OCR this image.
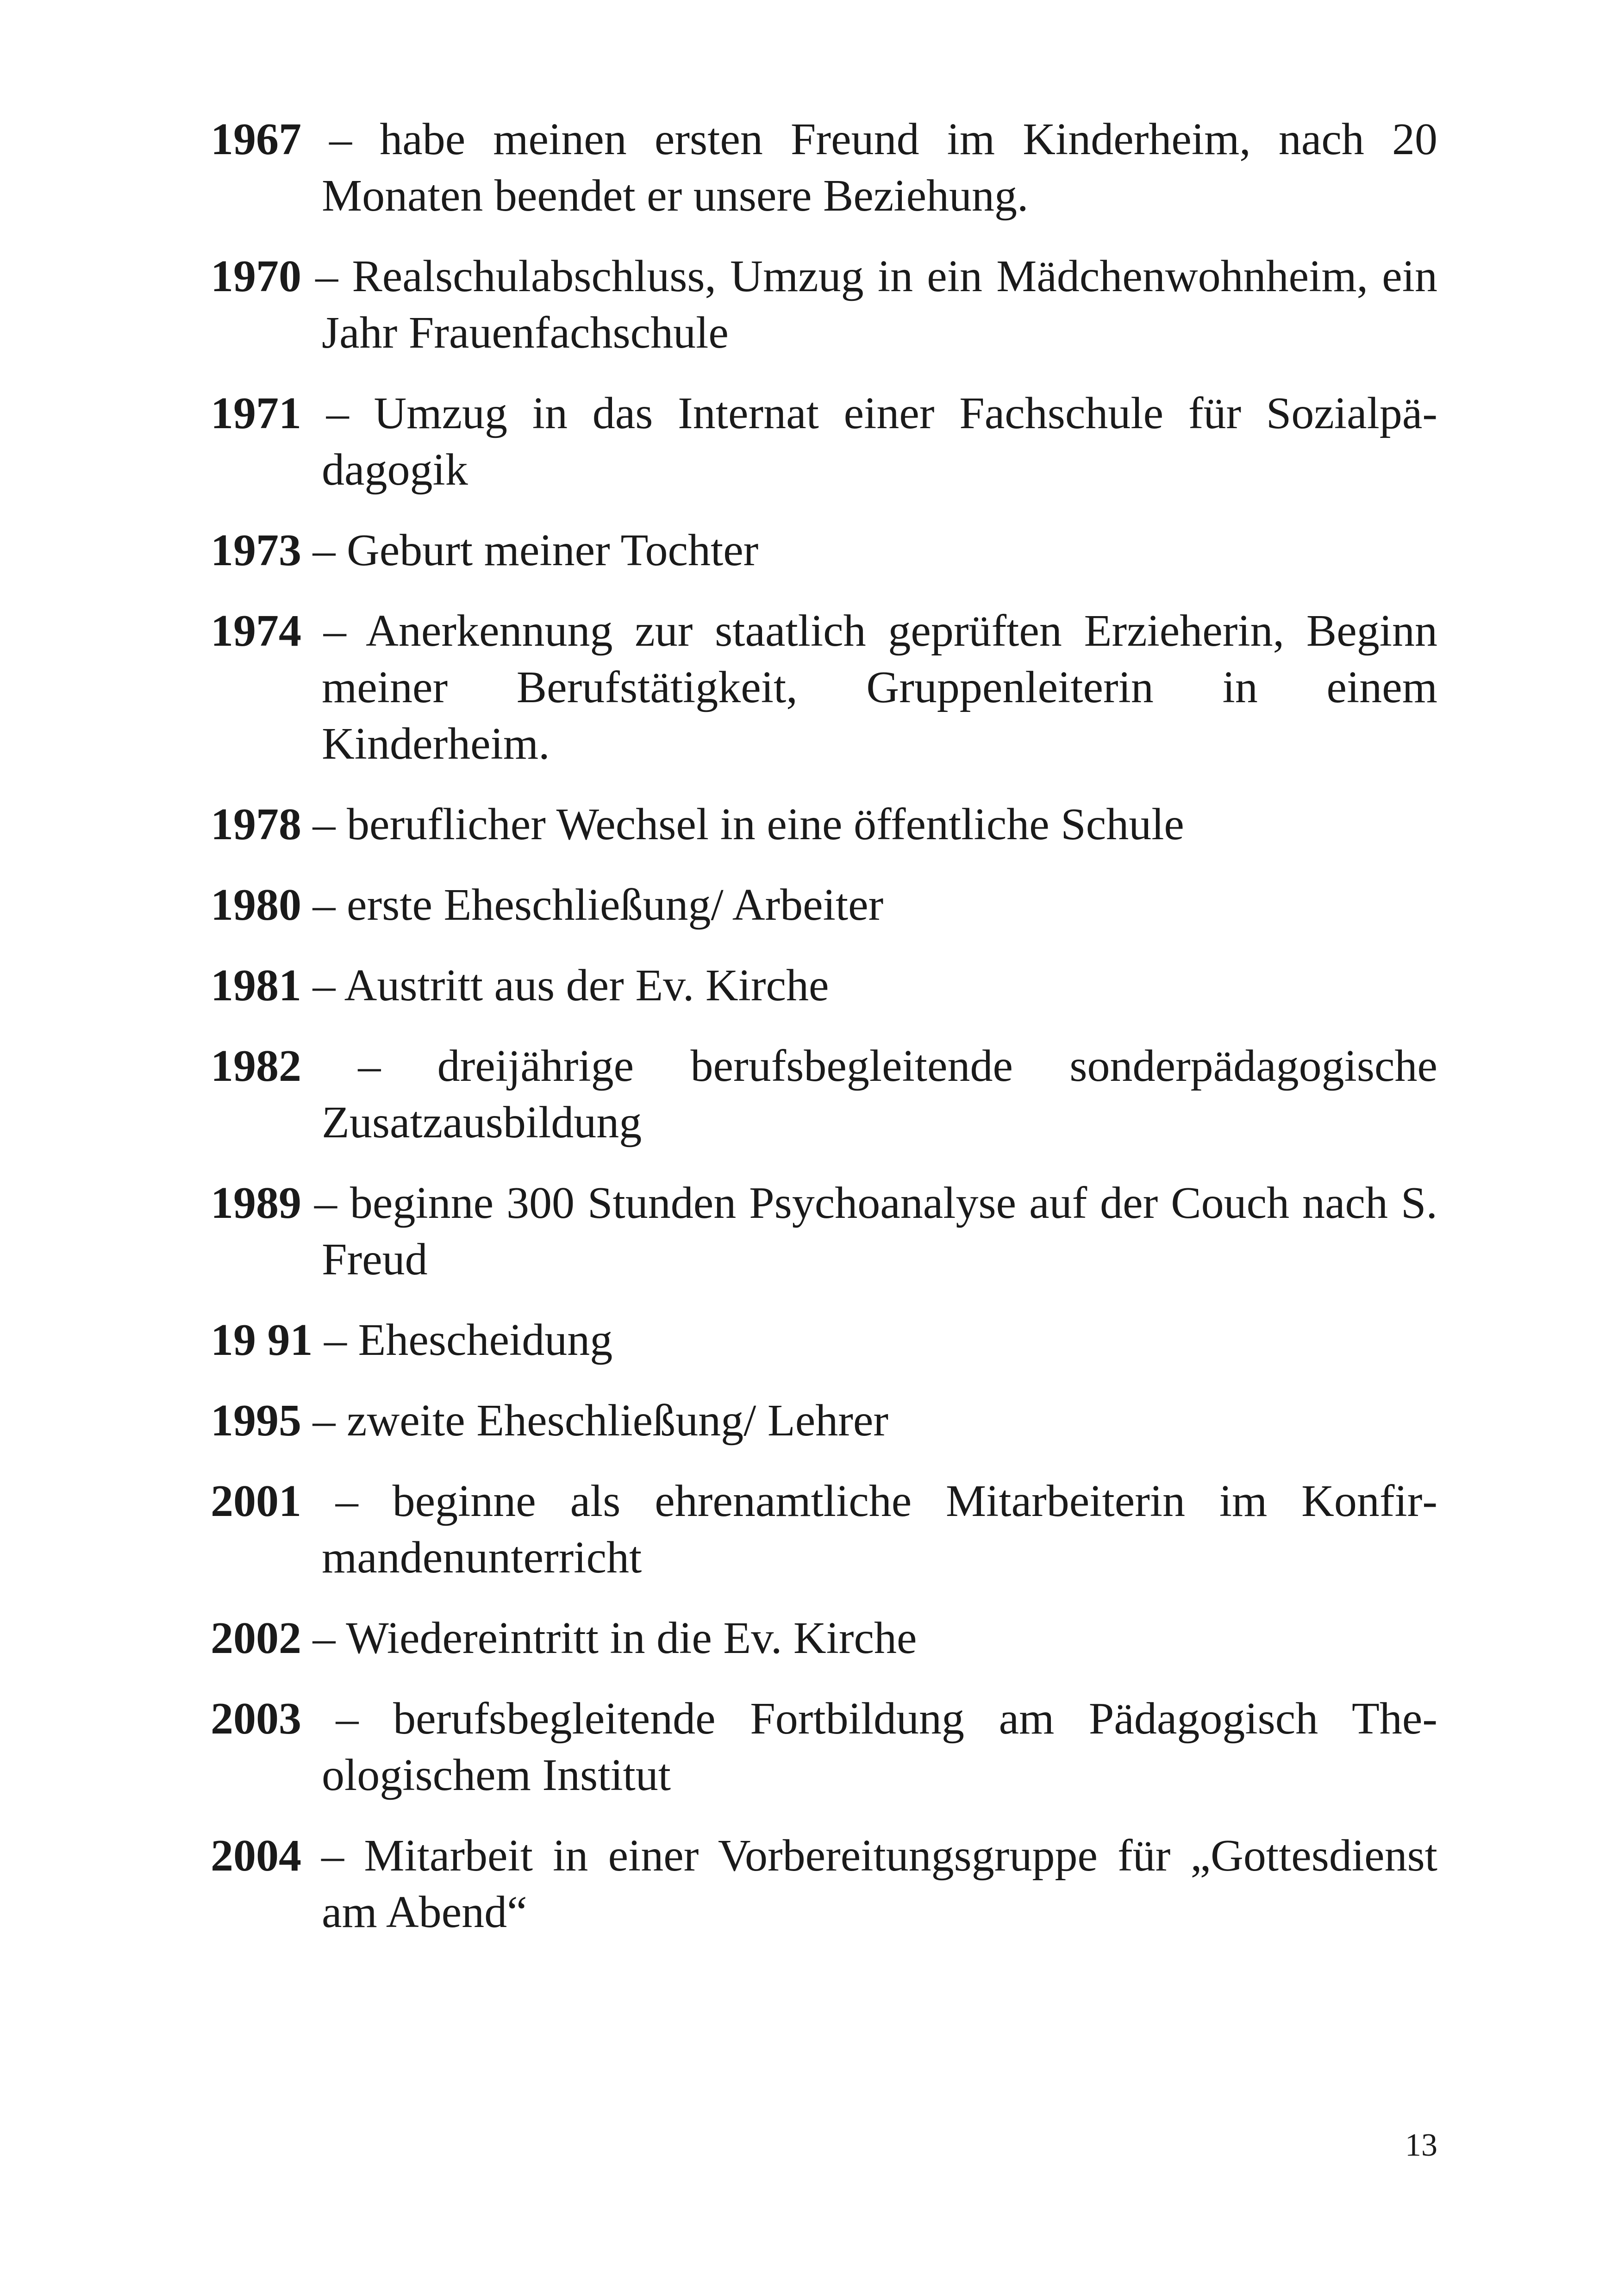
1967 – habe meinen ersten Freund im Kinderheim, nach 20 Monaten beendet er unsere Beziehung.

1970 – Realschulabschluss, Umzug in ein Mädchenwohnheim, ein Jahr Frauenfachschule

1971 – Umzug in das Internat einer Fachschule für Sozialpädagogik

1973 – Geburt meiner Tochter

1974 – Anerkennung zur staatlich geprüften Erzieherin, Beginn meiner Berufstätigkeit, Gruppenleiterin in einem Kinderheim.

1978 – beruflicher Wechsel in eine öffentliche Schule

1980 – erste Eheschließung/ Arbeiter

1981 – Austritt aus der Ev. Kirche

1982 – dreijährige berufsbegleitende sonderpädagogische Zusatzausbildung

1989 – beginne 300 Stunden Psychoanalyse auf der Couch nach S. Freud

19 91 – Ehescheidung

1995 – zweite Eheschließung/ Lehrer

2001 – beginne als ehrenamtliche Mitarbeiterin im Konfirmandenunterricht

2002 – Wiedereintritt in die Ev. Kirche

2003 – berufsbegleitende Fortbildung am Pädagogisch Theologischem Institut

2004 – Mitarbeit in einer Vorbereitungsgruppe für „Gottesdienst am Abend“

13
